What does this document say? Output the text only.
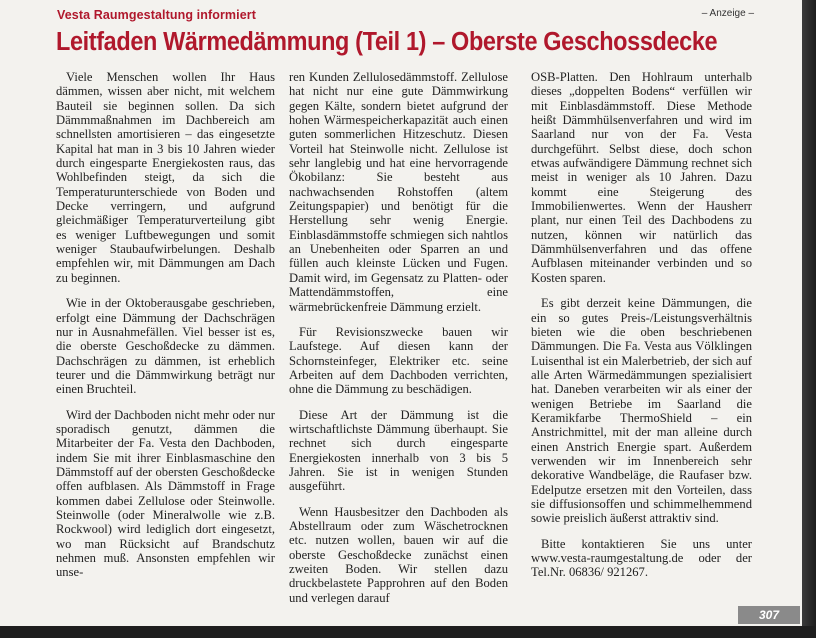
Vesta Raumgestaltung informiert	– Anzeige –
Leitfaden Wärmedämmung (Teil 1) – Oberste Geschossdecke

Viele Menschen wollen Ihr Haus dämmen, wissen aber nicht, mit welchem Bauteil sie beginnen sollen. Da sich Dämmmaßnahmen im Dachbereich am schnellsten amortisieren – das eingesetzte Kapital hat man in 3 bis 10 Jahren wieder durch eingesparte Energiekosten raus, das Wohlbefinden steigt, da sich die Temperaturunterschiede von Boden und Decke verringern, und aufgrund gleichmäßiger Temperaturverteilung gibt es weniger Luftbewegungen und somit weniger Staubaufwirbelungen. Deshalb empfehlen wir, mit Dämmungen am Dach zu beginnen.

Wie in der Oktoberausgabe geschrieben, erfolgt eine Dämmung der Dachschrägen nur in Ausnahmefällen. Viel besser ist es, die oberste Geschoßdecke zu dämmen. Dachschrägen zu dämmen, ist erheblich teurer und die Dämmwirkung beträgt nur einen Bruchteil.

Wird der Dachboden nicht mehr oder nur sporadisch genutzt, dämmen die Mitarbeiter der Fa. Vesta den Dachboden, indem Sie mit ihrer Einblasmaschine den Dämmstoff auf der obersten Geschoßdecke offen aufblasen. Als Dämmstoff in Frage kommen dabei Zellulose oder Steinwolle. Steinwolle (oder Mineralwolle wie z.B. Rockwool) wird lediglich dort eingesetzt, wo man Rücksicht auf Brandschutz nehmen muß. Ansonsten empfehlen wir unse-

ren Kunden Zellulosedämmstoff. Zellulose hat nicht nur eine gute Dämmwirkung gegen Kälte, sondern bietet aufgrund der hohen Wärmespeicherkapazität auch einen guten sommerlichen Hitzeschutz. Diesen Vorteil hat Steinwolle nicht. Zellulose ist sehr langlebig und hat eine hervorragende Ökobilanz: Sie besteht aus nachwachsenden Rohstoffen (altem Zeitungspapier) und benötigt für die Herstellung sehr wenig Energie. Einblasdämmstoffe schmiegen sich nahtlos an Unebenheiten oder Sparren an und füllen auch kleinste Lücken und Fugen. Damit wird, im Gegensatz zu Platten- oder Mattendämmstoffen, eine wärmebrückenfreie Dämmung erzielt.

Für Revisionszwecke bauen wir Laufstege. Auf diesen kann der Schornsteinfeger, Elektriker etc. seine Arbeiten auf dem Dachboden verrichten, ohne die Dämmung zu beschädigen.

Diese Art der Dämmung ist die wirtschaftlichste Dämmung überhaupt. Sie rechnet sich durch eingesparte Energiekosten innerhalb von 3 bis 5 Jahren. Sie ist in wenigen Stunden ausgeführt.

Wenn Hausbesitzer den Dachboden als Abstellraum oder zum Wäschetrocknen etc. nutzen wollen, bauen wir auf die oberste Geschoßdecke zunächst einen zweiten Boden. Wir stellen dazu druckbelastete Papprohren auf den Boden und verlegen darauf

OSB-Platten. Den Hohlraum unterhalb dieses „doppelten Bodens“ verfüllen wir mit Einblasdämmstoff. Diese Methode heißt Dämmhülsenverfahren und wird im Saarland nur von der Fa. Vesta durchgeführt. Selbst diese, doch schon etwas aufwändigere Dämmung rechnet sich meist in weniger als 10 Jahren. Dazu kommt eine Steigerung des Immobilienwertes. Wenn der Hausherr plant, nur einen Teil des Dachbodens zu nutzen, können wir natürlich das Dämmhülsenverfahren und das offene Aufblasen miteinander verbinden und so Kosten sparen.

Es gibt derzeit keine Dämmungen, die ein so gutes Preis-/Leistungsverhältnis bieten wie die oben beschriebenen Dämmungen. Die Fa. Vesta aus Völklingen Luisenthal ist ein Malerbetrieb, der sich auf alle Arten Wärmedämmungen spezialisiert hat. Daneben verarbeiten wir als einer der wenigen Betriebe im Saarland die Keramikfarbe ThermoShield – ein Anstrichmittel, mit der man alleine durch einen Anstrich Energie spart. Außerdem verwenden wir im Innenbereich sehr dekorative Wandbeläge, die Raufaser bzw. Edelputze ersetzen mit den Vorteilen, dass sie diffusionsoffen und schimmelhemmend sowie preislich äußerst attraktiv sind.

Bitte kontaktieren Sie uns unter www.vesta-raumgestaltung.de oder der Tel.Nr. 06836/ 921267.

307
